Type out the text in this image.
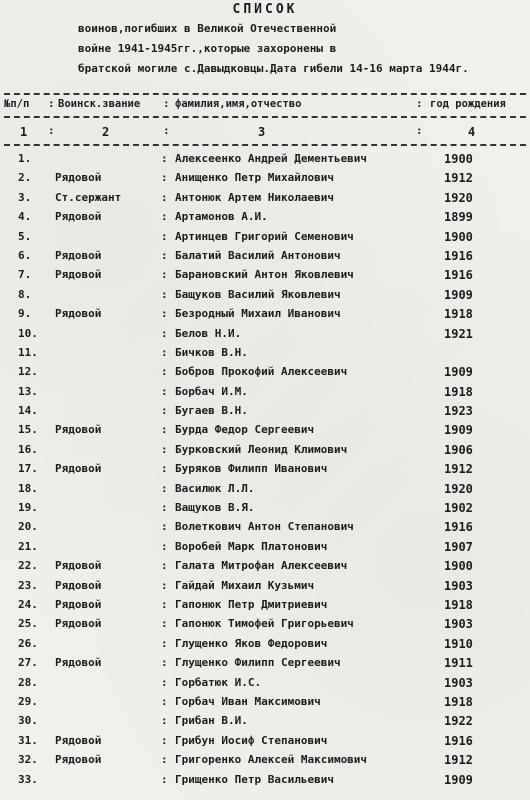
СПИСОК
воинов,погибших в Великой Отечественной
войне 1941-1945гг.,которые захоронены в
братской могиле с.Давыдковцы.Дата гибели 14-16 марта 1944г.
№п/п : Воинск.звание : фамилия,имя,отчество	: год рождения
1 :	2	:	3	:	4
1.	: Алексеенко Андрей Дементьевич	1900
2.	Рядовой	: Анищенко Петр Михайлович	1912
3.	Ст.сержант	: Антонюк Артем Николаевич	1920
4.	Рядовой	: Артамонов А.И.	1899
5.	: Артинцев Григорий Семенович	1900
6.	Рядовой	: Балатий Василий Антонович	1916
7.	Рядовой	: Барановский Антон Яковлевич	1916
8.	: Бащуков Василий Яковлевич	1909
9.	Рядовой	: Безродный Михаил Иванович	1918
10.	: Белов Н.И.	1921
11.	: Бичков В.Н.
12.	: Бобров Прокофий Алексеевич	1909
13.	: Борбач И.М.	1918
14.	: Бугаев В.Н.	1923
15.	Рядовой	: Бурда Федор Сергеевич	1909
16.	: Бурковский Леонид Климович	1906
17.	Рядовой	: Буряков Филипп Иванович	1912
18.	: Василюк Л.Л.	1920
19.	: Ващуков В.Я.	1902
20.	: Волеткович Антон Степанович	1916
21.	: Воробей Марк Платонович	1907
22.	Рядовой	: Галата Митрофан Алексеевич	1900
23.	Рядовой	: Гайдай Михаил Кузьмич	1903
24.	Рядовой	: Гапонюк Петр Дмитриевич	1918
25.	Рядовой	: Гапонюк Тимофей Григорьевич	1903
26.	: Глущенко Яков Федорович	1910
27.	Рядовой	: Глущенко Филипп Сергеевич	1911
28.	: Горбатюк И.С.	1903
29.	: Горбач Иван Максимович	1918
30.	: Грибан В.И.	1922
31.	Рядовой	: Грибун Иосиф Степанович	1916
32.	Рядовой	: Григоренко Алексей Максимович	1912
33.	: Грищенко Петр Васильевич	1909
